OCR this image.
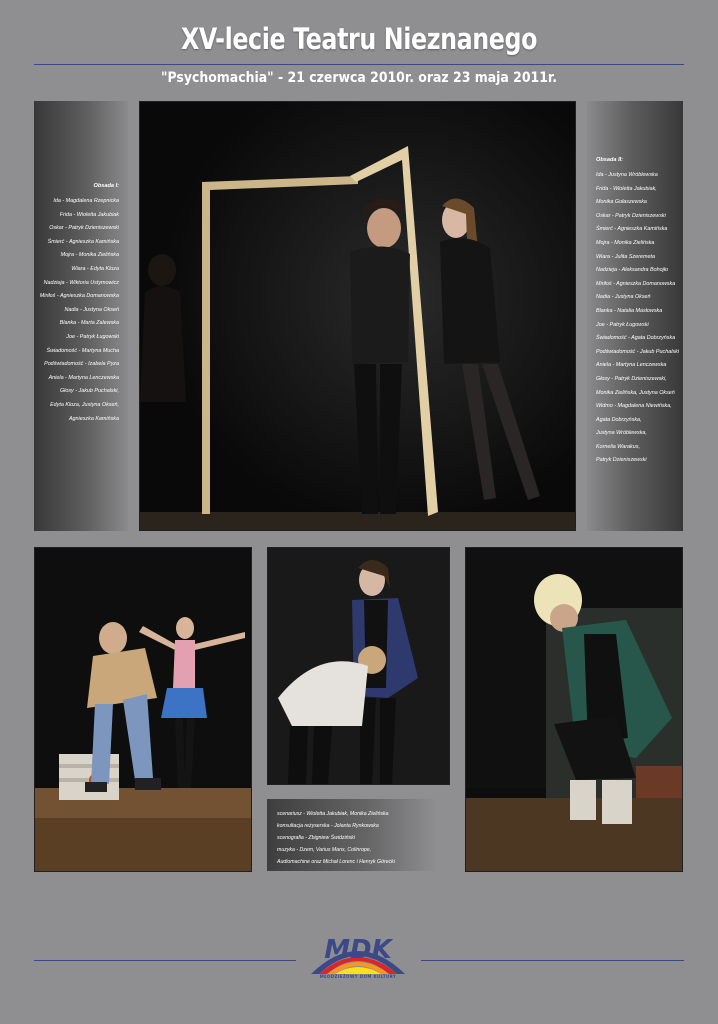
XV-lecie Teatru Nieznanego
"Psychomachia" - 21 czerwca 2010r. oraz 23 maja 2011r.
Obsada I:
Ida - Magdalena Rzepnicka
Frida - Wioletta Jakubiak
Oskar - Patryk Dzieniszewski
Śmierć - Agnieszka Kamińska
Mojra - Monika Zielińska
Wiara - Edyta Kloza
Nadzieja - Wiktoria Ustymowicz
Miriłoś - Agnieszka Domanowska
Nadia - Justyna Okseń
Blanka - Marta Zalewska
Joe - Patryk Ługowski
Świadomość - Martyna Mucha
Podświadomość - Izabela Pyza
Aniela - Martyna Lenczewska
Głosy - Jakub Puchalski,
Edyta Kloza, Justyna Okseń,
Agnieszka Kamińska
Obsada II:
Ida - Justyna Wróblewska
Frida - Wioletta Jakubiak,
Monika Gołaszewska
Oskar - Patryk Dzieniszewski
Śmierć - Agnieszka Kamińska
Mojra - Monika Zielińska
Wiara - Julita Szeremeta
Nadzieja - Aleksandra Bohojło
Miriłoś - Agnieszka Domanowska
Nadia - Justyna Okseń
Blanka - Natalia Masłowska
Joe - Patryk Ługowski
Świadomość - Agata Dobrzyńska
Podświadomość - Jakub Puchalski
Aniela - Martyna Lenczewska
Głosy - Patryk Dzieniszewski,
Monika Zielińska, Justyna Okseń
Widmo - Magdalena Niewińska,
Agata Dobrzyńska,
Justyna Wróblewska,
Kornelia Warakus,
Patryk Dzieniszewski
scenariusz - Wioletta Jakubiak, Monika Zielińska
konsultacja reżyserska - Jolanta Rynkowska
scenografia - Zbigniew Świdziński
muzyka - Dzem, Varius Manx, Colinrope,
Audiomachine oraz Michał Lorenc i Henryk Górecki
MDK
MŁODZIEŻOWY DOM KULTURY
